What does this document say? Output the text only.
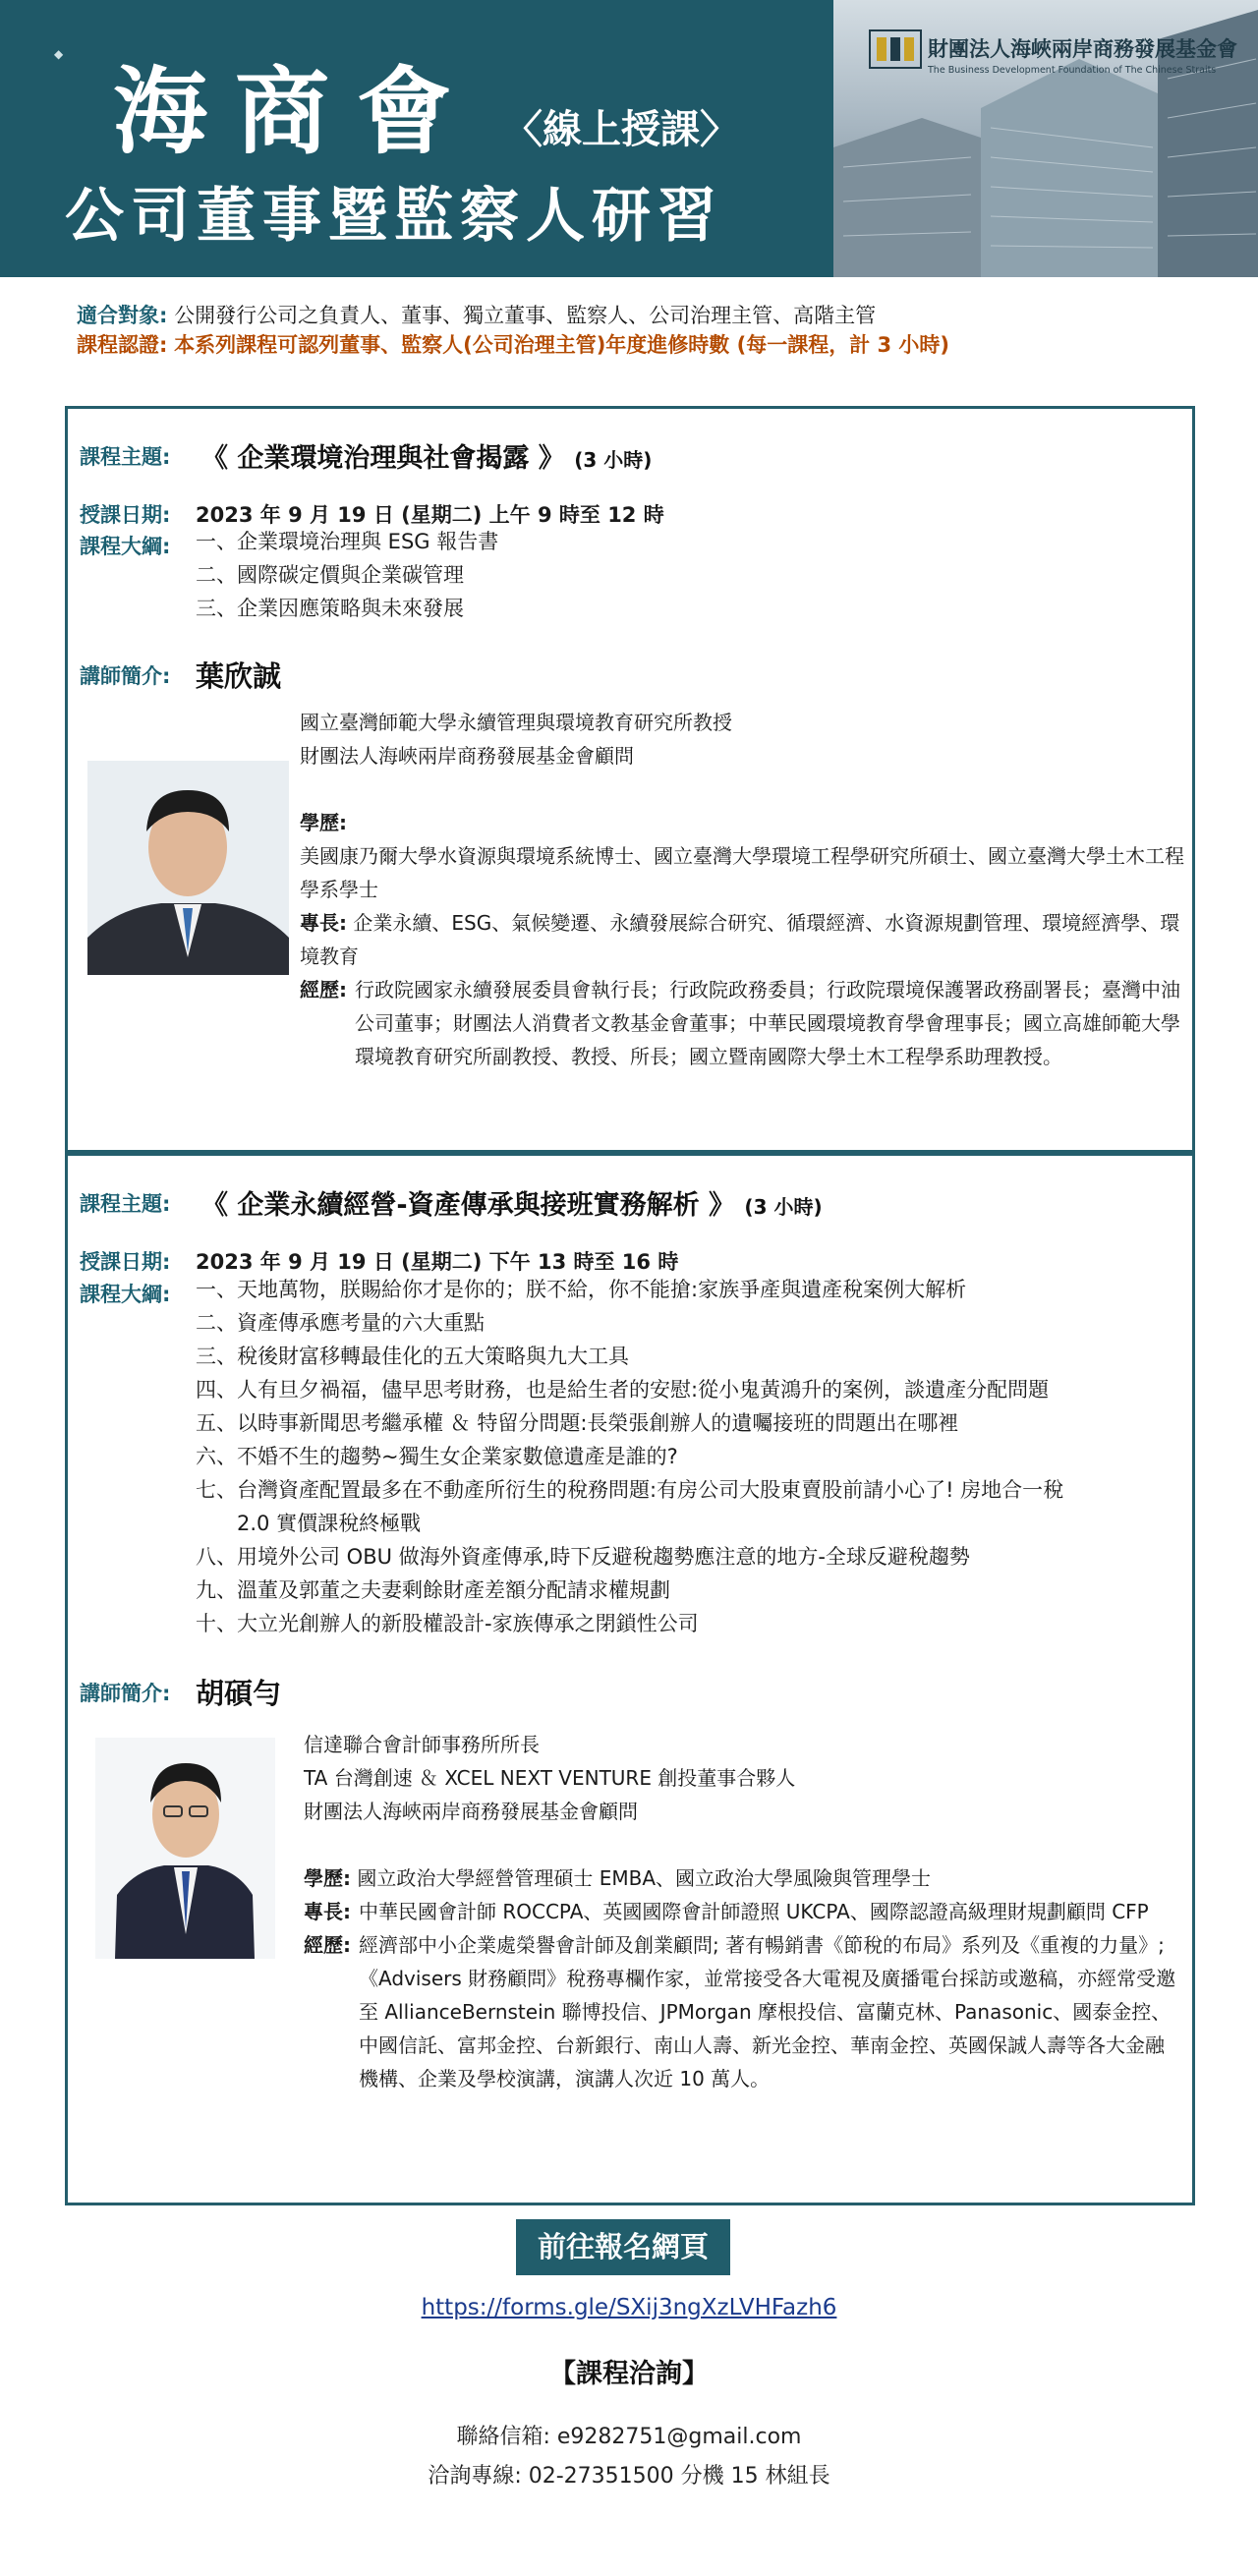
◆
海商會 〈線上授課〉
公司董事暨監察人研習
財團法人海峽兩岸商務發展基金會
The Business Development Foundation of The Chinese Straits
適合對象: 公開發行公司之負責人、董事、獨立董事、監察人、公司治理主管、高階主管
課程認證: 本系列課程可認列董事、監察人(公司治理主管)年度進修時數 (每一課程，計 3 小時)
課程主題: 《 企業環境治理與社會揭露 》 (3 小時)
授課日期: 2023 年 9 月 19 日 (星期二) 上午 9 時至 12 時
課程大綱: 一、企業環境治理與 ESG 報告書
二、國際碳定價與企業碳管理
三、企業因應策略與未來發展
講師簡介: 葉欣誠
國立臺灣師範大學永續管理與環境教育研究所教授
財團法人海峽兩岸商務發展基金會顧問
學歷:
美國康乃爾大學水資源與環境系統博士、國立臺灣大學環境工程學研究所碩士、國立臺灣大學土木工程學系學士
專長: 企業永續、ESG、氣候變遷、永續發展綜合研究、循環經濟、水資源規劃管理、環境經濟學、環境教育
經歷: 行政院國家永續發展委員會執行長；行政院政務委員；行政院環境保護署政務副署長；臺灣中油公司董事；財團法人消費者文教基金會董事；中華民國環境教育學會理事長；國立高雄師範大學環境教育研究所副教授、教授、所長；國立暨南國際大學土木工程學系助理教授。
課程主題: 《 企業永續經營-資產傳承與接班實務解析 》 (3 小時)
授課日期: 2023 年 9 月 19 日 (星期二) 下午 13 時至 16 時
課程大綱: 一、天地萬物，朕賜給你才是你的；朕不給，你不能搶:家族爭產與遺產稅案例大解析
二、資產傳承應考量的六大重點
三、稅後財富移轉最佳化的五大策略與九大工具
四、人有旦夕禍福，儘早思考財務，也是給生者的安慰:從小鬼黃鴻升的案例，談遺產分配問題
五、以時事新聞思考繼承權 ＆ 特留分問題:長榮張創辦人的遺囑接班的問題出在哪裡
六、不婚不生的趨勢~獨生女企業家數億遺產是誰的?
七、台灣資產配置最多在不動產所衍生的稅務問題:有房公司大股東賣股前請小心了! 房地合一稅
　　2.0 實價課稅終極戰
八、用境外公司 OBU 做海外資產傳承,時下反避稅趨勢應注意的地方-全球反避稅趨勢
九、溫董及郭董之夫妻剩餘財產差額分配請求權規劃
十、大立光創辦人的新股權設計-家族傳承之閉鎖性公司
講師簡介: 胡碩勻
信達聯合會計師事務所所長
TA 台灣創速 ＆ XCEL NEXT VENTURE 創投董事合夥人
財團法人海峽兩岸商務發展基金會顧問
學歷: 國立政治大學經營管理碩士 EMBA、國立政治大學風險與管理學士
專長: 中華民國會計師 ROCCPA、英國國際會計師證照 UKCPA、國際認證高級理財規劃顧問 CFP
經歷: 經濟部中小企業處榮譽會計師及創業顧問; 著有暢銷書《節稅的布局》系列及《重複的力量》; 《Advisers 財務顧問》稅務專欄作家，並常接受各大電視及廣播電台採訪或邀稿，亦經常受邀至 AllianceBernstein 聯博投信、JPMorgan 摩根投信、富蘭克林、Panasonic、國泰金控、中國信託、富邦金控、台新銀行、南山人壽、新光金控、華南金控、英國保誠人壽等各大金融機構、企業及學校演講，演講人次近 10 萬人。
前往報名網頁
https://forms.gle/SXij3ngXzLVHFazh6
【課程洽詢】
聯絡信箱: e9282751@gmail.com
洽詢專線: 02-27351500 分機 15 林組長
